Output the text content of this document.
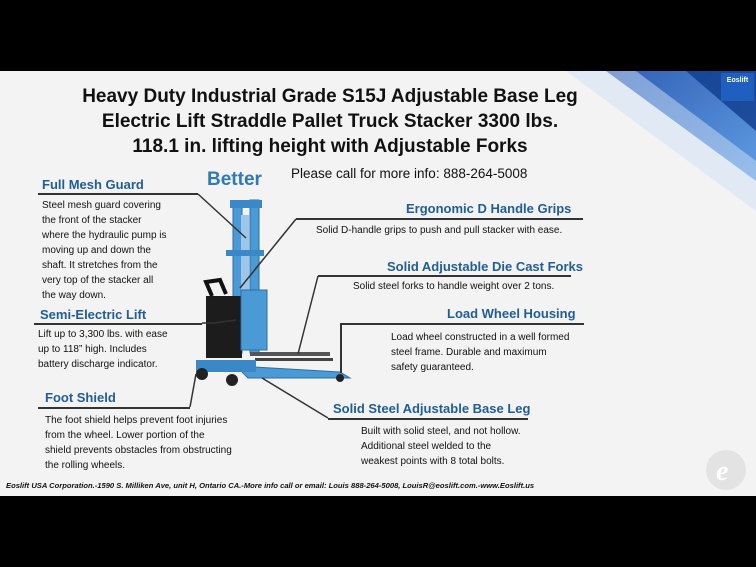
Eoslift
Heavy Duty Industrial Grade S15J Adjustable Base Leg
Electric Lift Straddle Pallet Truck Stacker 3300 lbs.
118.1 in. lifting height with Adjustable Forks
Better Please call for more info: 888-264-5008
Full Mesh Guard
Steel mesh guard covering
the front of the stacker
where the hydraulic pump is
moving up and down the
shaft. It stretches from the
very top of the stacker all
the way down.
Semi-Electric Lift
Lift up to 3,300 lbs. with ease
up to 118” high. Includes
battery discharge indicator.
Foot Shield
The foot shield helps prevent foot injuries
from the wheel. Lower portion of the
shield prevents obstacles from obstructing
the rolling wheels.
Ergonomic D Handle Grips
Solid D-handle grips to push and pull stacker with ease.
Solid Adjustable Die Cast Forks
Solid steel forks to handle weight over 2 tons.
Load Wheel Housing
Load wheel constructed in a well formed
steel frame. Durable and maximum
safety guaranteed.
Solid Steel Adjustable Base Leg
Built with solid steel, and not hollow.
Additional steel welded to the
weakest points with 8 total bolts.
Eoslift USA Corporation.-1590 S. Milliken Ave, unit H, Ontario CA.-More info call or email: Louis 888-264-5008, LouisR@eoslift.com.-www.Eoslift.us	e
